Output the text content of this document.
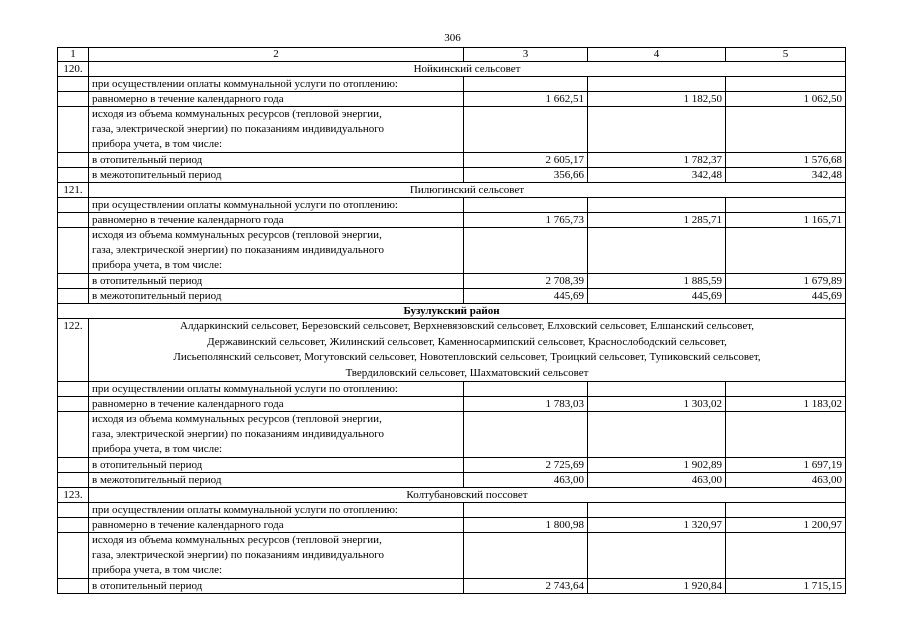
306
1	2	3	4	5
120.	Нойкинский сельсовет			
	при осуществлении оплаты коммунальной услуги по отоплению:			
	равномерно в течение календарного года	1 662,51	1 182,50	1 062,50

	исходя из объема коммунальных ресурсов (тепловой энергии,
газа, электрической энергии) по показаниям индивидуального
прибора учета, в том числе:			

	в отопительный период	2 605,17	1 782,37	1 576,68
	в межотопительный период	356,66	342,48	342,48
121.	Пилюгинский сельсовет			
	при осуществлении оплаты коммунальной услуги по отоплению:			
	равномерно в течение календарного года	1 765,73	1 285,71	1 165,71

	исходя из объема коммунальных ресурсов (тепловой энергии,
газа, электрической энергии) по показаниям индивидуального
прибора учета, в том числе:			

	в отопительный период	2 708,39	1 885,59	1 679,89
	в межотопительный период	445,69	445,69	445,69
Бузулукский район				
122.	Алдаркинский сельсовет, Березовский сельсовет, Верхневязовский сельсовет, Елховский сельсовет, Елшанский сельсовет,
Державинский сельсовет, Жилинский сельсовет, Каменносармипский сельсовет, Краснослободский сельсовет,
Лисьеполянский сельсовет, Могутовский сельсовет, Новотепловский сельсовет, Троицкий сельсовет, Тупиковский сельсовет,
Твердиловский сельсовет, Шахматовский сельсовет			

	при осуществлении оплаты коммунальной услуги по отоплению:			
	равномерно в течение календарного года	1 783,03	1 303,02	1 183,02

	исходя из объема коммунальных ресурсов (тепловой энергии,
газа, электрической энергии) по показаниям индивидуального
прибора учета, в том числе:			

	в отопительный период	2 725,69	1 902,89	1 697,19
	в межотопительный период	463,00	463,00	463,00
123.	Колтубановский поссовет			
	при осуществлении оплаты коммунальной услуги по отоплению:			
	равномерно в течение календарного года	1 800,98	1 320,97	1 200,97

	исходя из объема коммунальных ресурсов (тепловой энергии,
газа, электрической энергии) по показаниям индивидуального
прибора учета, в том числе:			

	в отопительный период	2 743,64	1 920,84	1 715,15
